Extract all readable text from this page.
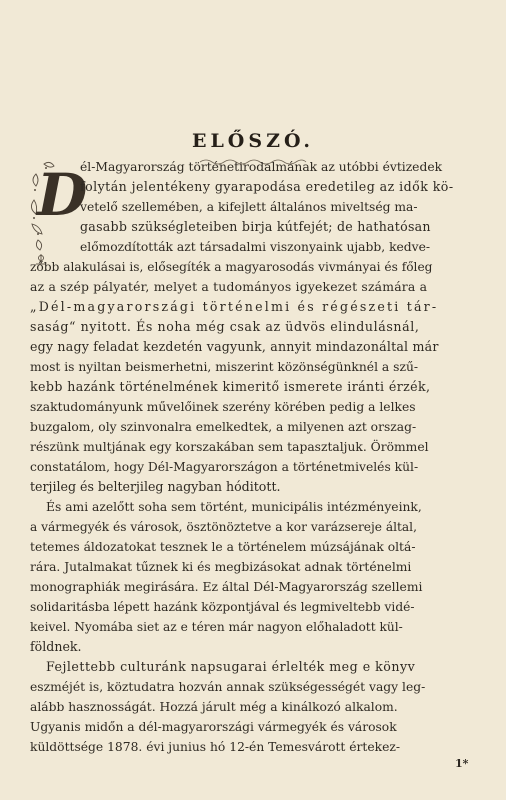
ELŐSZÓ.
D
él-Magyarország történetirodalmának az utóbbi évtizedek
folytán jelentékeny gyarapodása eredetileg az idők kö-
vetelő szellemében, a kifejlett általános miveltség ma-
gasabb szükségleteiben birja kútfejét; de hathatósan
előmozdították azt társadalmi viszonyaink ujabb, kedve-
zőbb alakulásai is, elősegíték a magyarosodás vivmányai és főleg
az a szép pályatér, melyet a tudományos igyekezet számára a
„Dél-magyarországi történelmi és régészeti tár-
saság“ nyitott. És noha még csak az üdvös elindulásnál,
egy nagy feladat kezdetén vagyunk, annyit mindazonáltal már
most is nyiltan beismerhetni, miszerint közönségünknél a szű-
kebb hazánk történelmének kimeritő ismerete iránti érzék,
szaktudományunk művelőinek szerény körében pedig a lelkes
buzgalom, oly szinvonalra emelkedtek, a milyenen azt orszag-
részünk multjának egy korszakában sem tapasztaljuk. Örömmel
constatálom, hogy Dél-Magyarországon a történetmivelés kül-
terjileg és belterjileg nagyban hóditott.
És ami azelőtt soha sem történt, municipális intézményeink,
a vármegyék és városok, ösztönöztetve a kor varázsereje által,
tetemes áldozatokat tesznek le a történelem múzsájának oltá-
rára. Jutalmakat tűznek ki és megbizásokat adnak történelmi
monographiák megirására. Ez által Dél-Magyarország szellemi
solidaritásba lépett hazánk központjával és legmiveltebb vidé-
keivel. Nyomába siet az e téren már nagyon előhaladott kül-
földnek.
Fejlettebb culturánk napsugarai érlelték meg e könyv
eszméjét is, köztudatra hozván annak szükségességét vagy leg-
alább hasznosságát. Hozzá járult még a kinálkozó alkalom.
Ugyanis midőn a dél-magyarországi vármegyék és városok
küldöttsége 1878. évi junius hó 12-én Temesvárott értekez-
1*
